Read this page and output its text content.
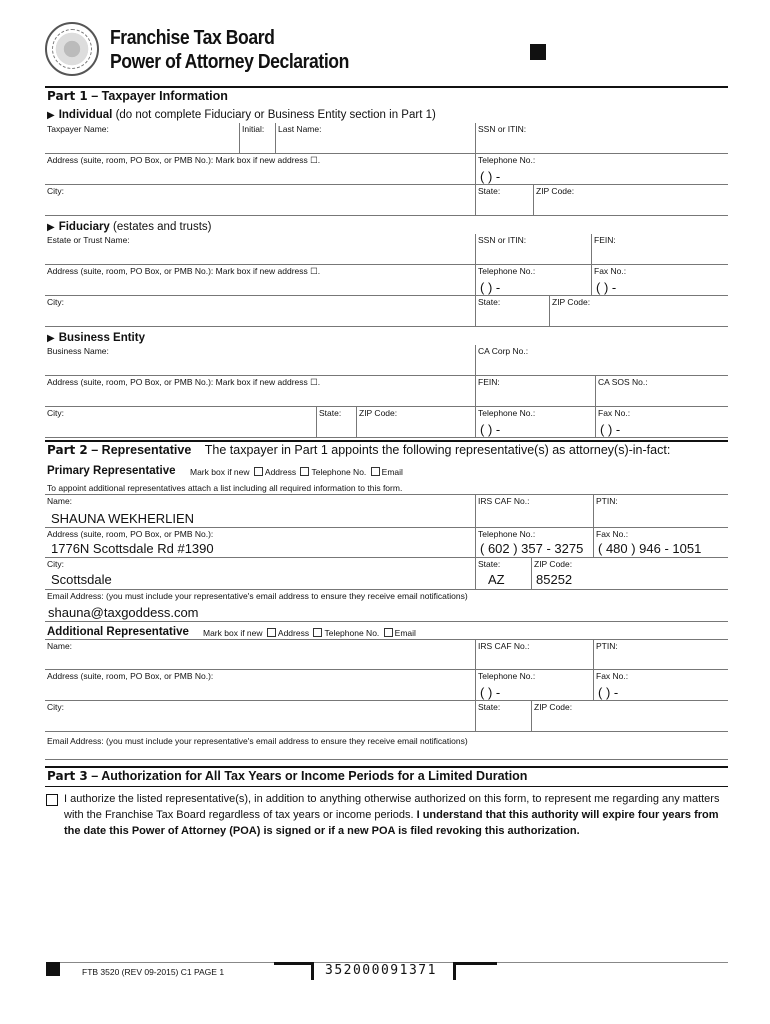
Franchise Tax Board
Power of Attorney Declaration
Part 1 – Taxpayer Information
▶ Individual (do not complete Fiduciary or Business Entity section in Part 1)
Taxpayer Name:	Initial: Last Name:	SSN or ITIN:
Address (suite, room, PO Box, or PMB No.): Mark box if new address ☐.	Telephone No.:
( ) -
City:	State:	ZIP Code:
▶ Fiduciary (estates and trusts)
Estate or Trust Name:	SSN or ITIN:	FEIN:
Address (suite, room, PO Box, or PMB No.): Mark box if new address ☐.	Telephone No.:
( ) -
Fax No.:
( ) -
City:	State:	ZIP Code:
▶ Business Entity
Business Name:	CA Corp No.:
Address (suite, room, PO Box, or PMB No.): Mark box if new address ☐.	FEIN:	CA SOS No.:
City:	State: ZIP Code:	Telephone No.:
( ) -
Fax No.:
( ) -
Part 2 – Representative The taxpayer in Part 1 appoints the following representative(s) as attorney(s)-in-fact:
Primary Representative Mark box if new Address Telephone No. Email
To appoint additional representatives attach a list including all required information to this form.
Name:
SHAUNA WEKHERLIEN
IRS CAF No.:	PTIN:
Address (suite, room, PO Box, or PMB No.):
1776N Scottsdale Rd #1390
Telephone No.:
( 602 ) 357 - 3275
Fax No.:
( 480 ) 946 - 1051
City:
Scottsdale
State:
AZ
ZIP Code:
85252
Email Address: (you must include your representative's email address to ensure they receive email notifications)
shauna@taxgoddess.com
Additional Representative Mark box if new Address Telephone No. Email
Name:	IRS CAF No.:	PTIN:
Address (suite, room, PO Box, or PMB No.):	Telephone No.:
( ) -
Fax No.:
( ) -
City:	State:	ZIP Code:
Email Address: (you must include your representative's email address to ensure they receive email notifications)
Part 3 – Authorization for All Tax Years or Income Periods for a Limited Duration
I authorize the listed representative(s), in addition to anything otherwise authorized on this form, to represent me regarding any matters with the Franchise Tax Board regardless of tax years or income periods. I understand that this authority will expire four years from the date this Power of Attorney (POA) is signed or if a new POA is filed revoking this authorization.
FTB 3520 (REV 09-2015) C1 PAGE 1	352000091371
